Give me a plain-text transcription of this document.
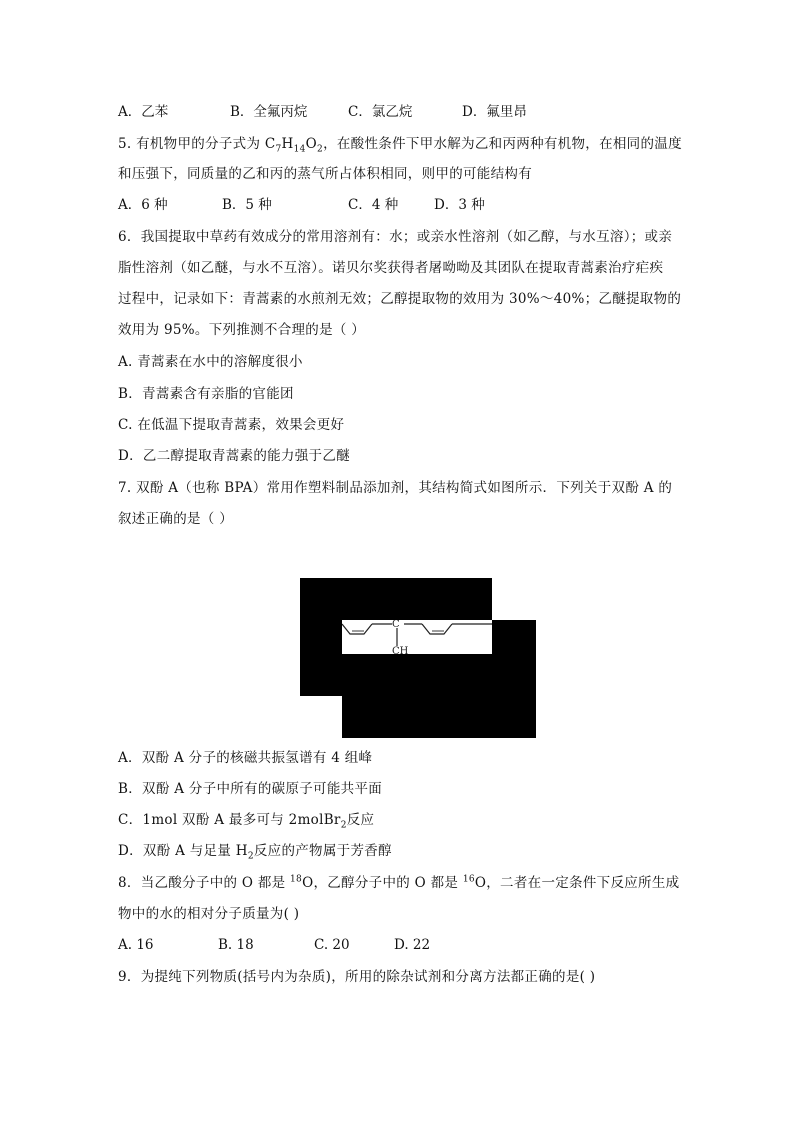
A．乙苯	B．全氟丙烷	C．氯乙烷	D．氟里昂
5. 有机物甲的分子式为 $C_7H_{14}O_2$，在酸性条件下甲水解为乙和丙两种有机物，在相同的温度
和压强下，同质量的乙和丙的蒸气所占体积相同，则甲的可能结构有
A．6 种	B．5 种	C．4 种	D．3 种
6．我国提取中草药有效成分的常用溶剂有：水；或亲水性溶剂（如乙醇，与水互溶）；或亲
脂性溶剂（如乙醚，与水不互溶）。诺贝尔奖获得者屠呦呦及其团队在提取青蒿素治疗疟疾
过程中，记录如下：青蒿素的水煎剂无效；乙醇提取物的效用为 30%～40%；乙醚提取物的
效用为 95%。下列推测不合理的是（ ）
A. 青蒿素在水中的溶解度很小
B．青蒿素含有亲脂的官能团
C. 在低温下提取青蒿素，效果会更好
D．乙二醇提取青蒿素的能力强于乙醚
7. 双酚 A（也称 BPA）常用作塑料制品添加剂，其结构简式如图所示．下列关于双酚 A 的
叙述正确的是（ ）
C
CH
A．双酚 A 分子的核磁共振氢谱有 4 组峰
B．双酚 A 分子中所有的碳原子可能共平面
C．1mol 双酚 A 最多可与 2molBr$_2$反应
D．双酚 A 与足量 $H_2$反应的产物属于芳香醇
8．当乙酸分子中的 O 都是 $^{18}$O，乙醇分子中的 O 都是 $^{16}$O，二者在一定条件下反应所生成
物中的水的相对分子质量为( )
A. 16	B. 18	C. 20	D. 22
9．为提纯下列物质(括号内为杂质)，所用的除杂试剂和分离方法都正确的是( )
